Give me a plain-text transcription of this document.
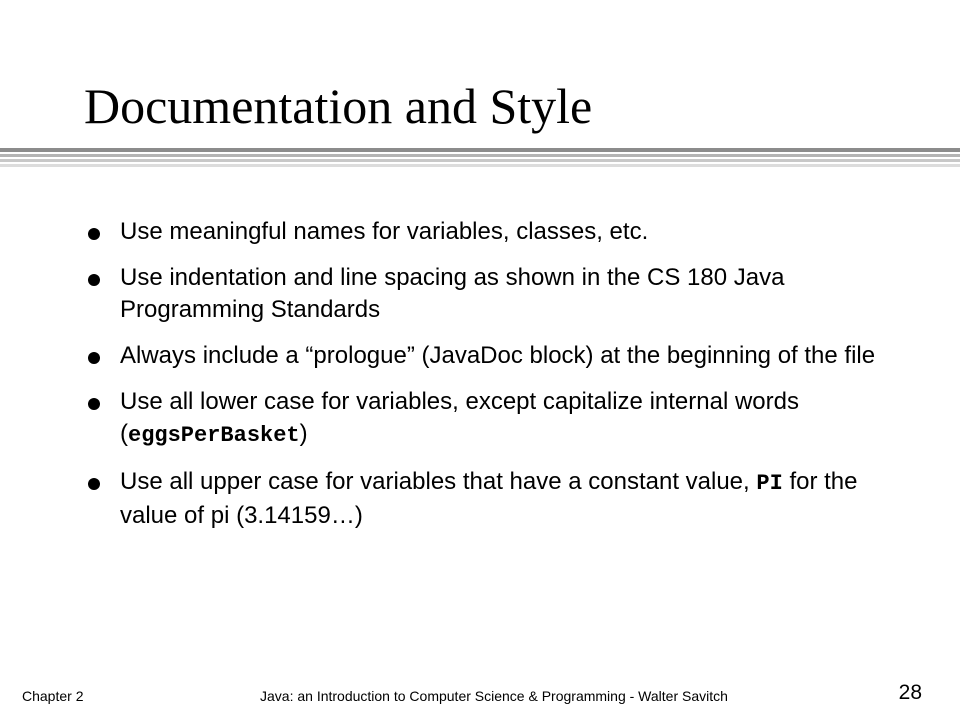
Documentation and Style
Use meaningful names for variables, classes, etc.
Use indentation and line spacing as shown in the CS 180 Java Programming Standards
Always include a “prologue” (JavaDoc block) at the beginning of the file
Use all lower case for variables, except capitalize internal words (eggsPerBasket)
Use all upper case for variables that have a constant value, PI for the value of pi (3.14159…)
Chapter 2	Java: an Introduction to Computer Science & Programming - Walter Savitch	28
